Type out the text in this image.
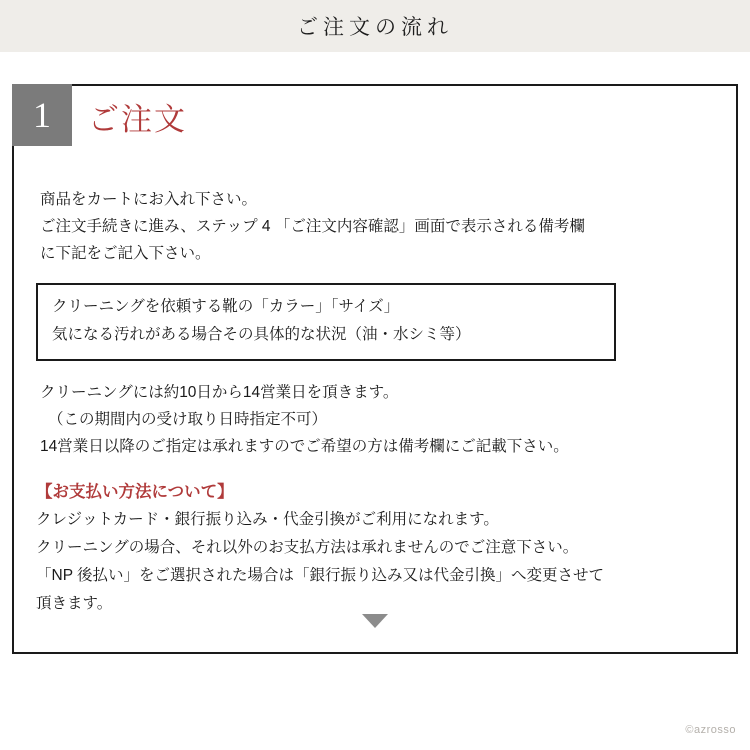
ご注文の流れ
1	ご注文
商品をカートにお入れ下さい。
ご注文手続きに進み、ステップ 4 「ご注文内容確認」画面で表示される備考欄
に下記をご記入下さい。
クリーニングを依頼する靴の「カラー」「サイズ」
気になる汚れがある場合その具体的な状況（油・水シミ等）
クリーニングには約10日から14営業日を頂きます。
（この期間内の受け取り日時指定不可）
14営業日以降のご指定は承れますのでご希望の方は備考欄にご記載下さい。
【お支払い方法について】
クレジットカード・銀行振り込み・代金引換がご利用になれます。
クリーニングの場合、それ以外のお支払方法は承れませんのでご注意下さい。
「NP 後払い」をご選択された場合は「銀行振り込み又は代金引換」へ変更させて
頂きます。
©azrosso
